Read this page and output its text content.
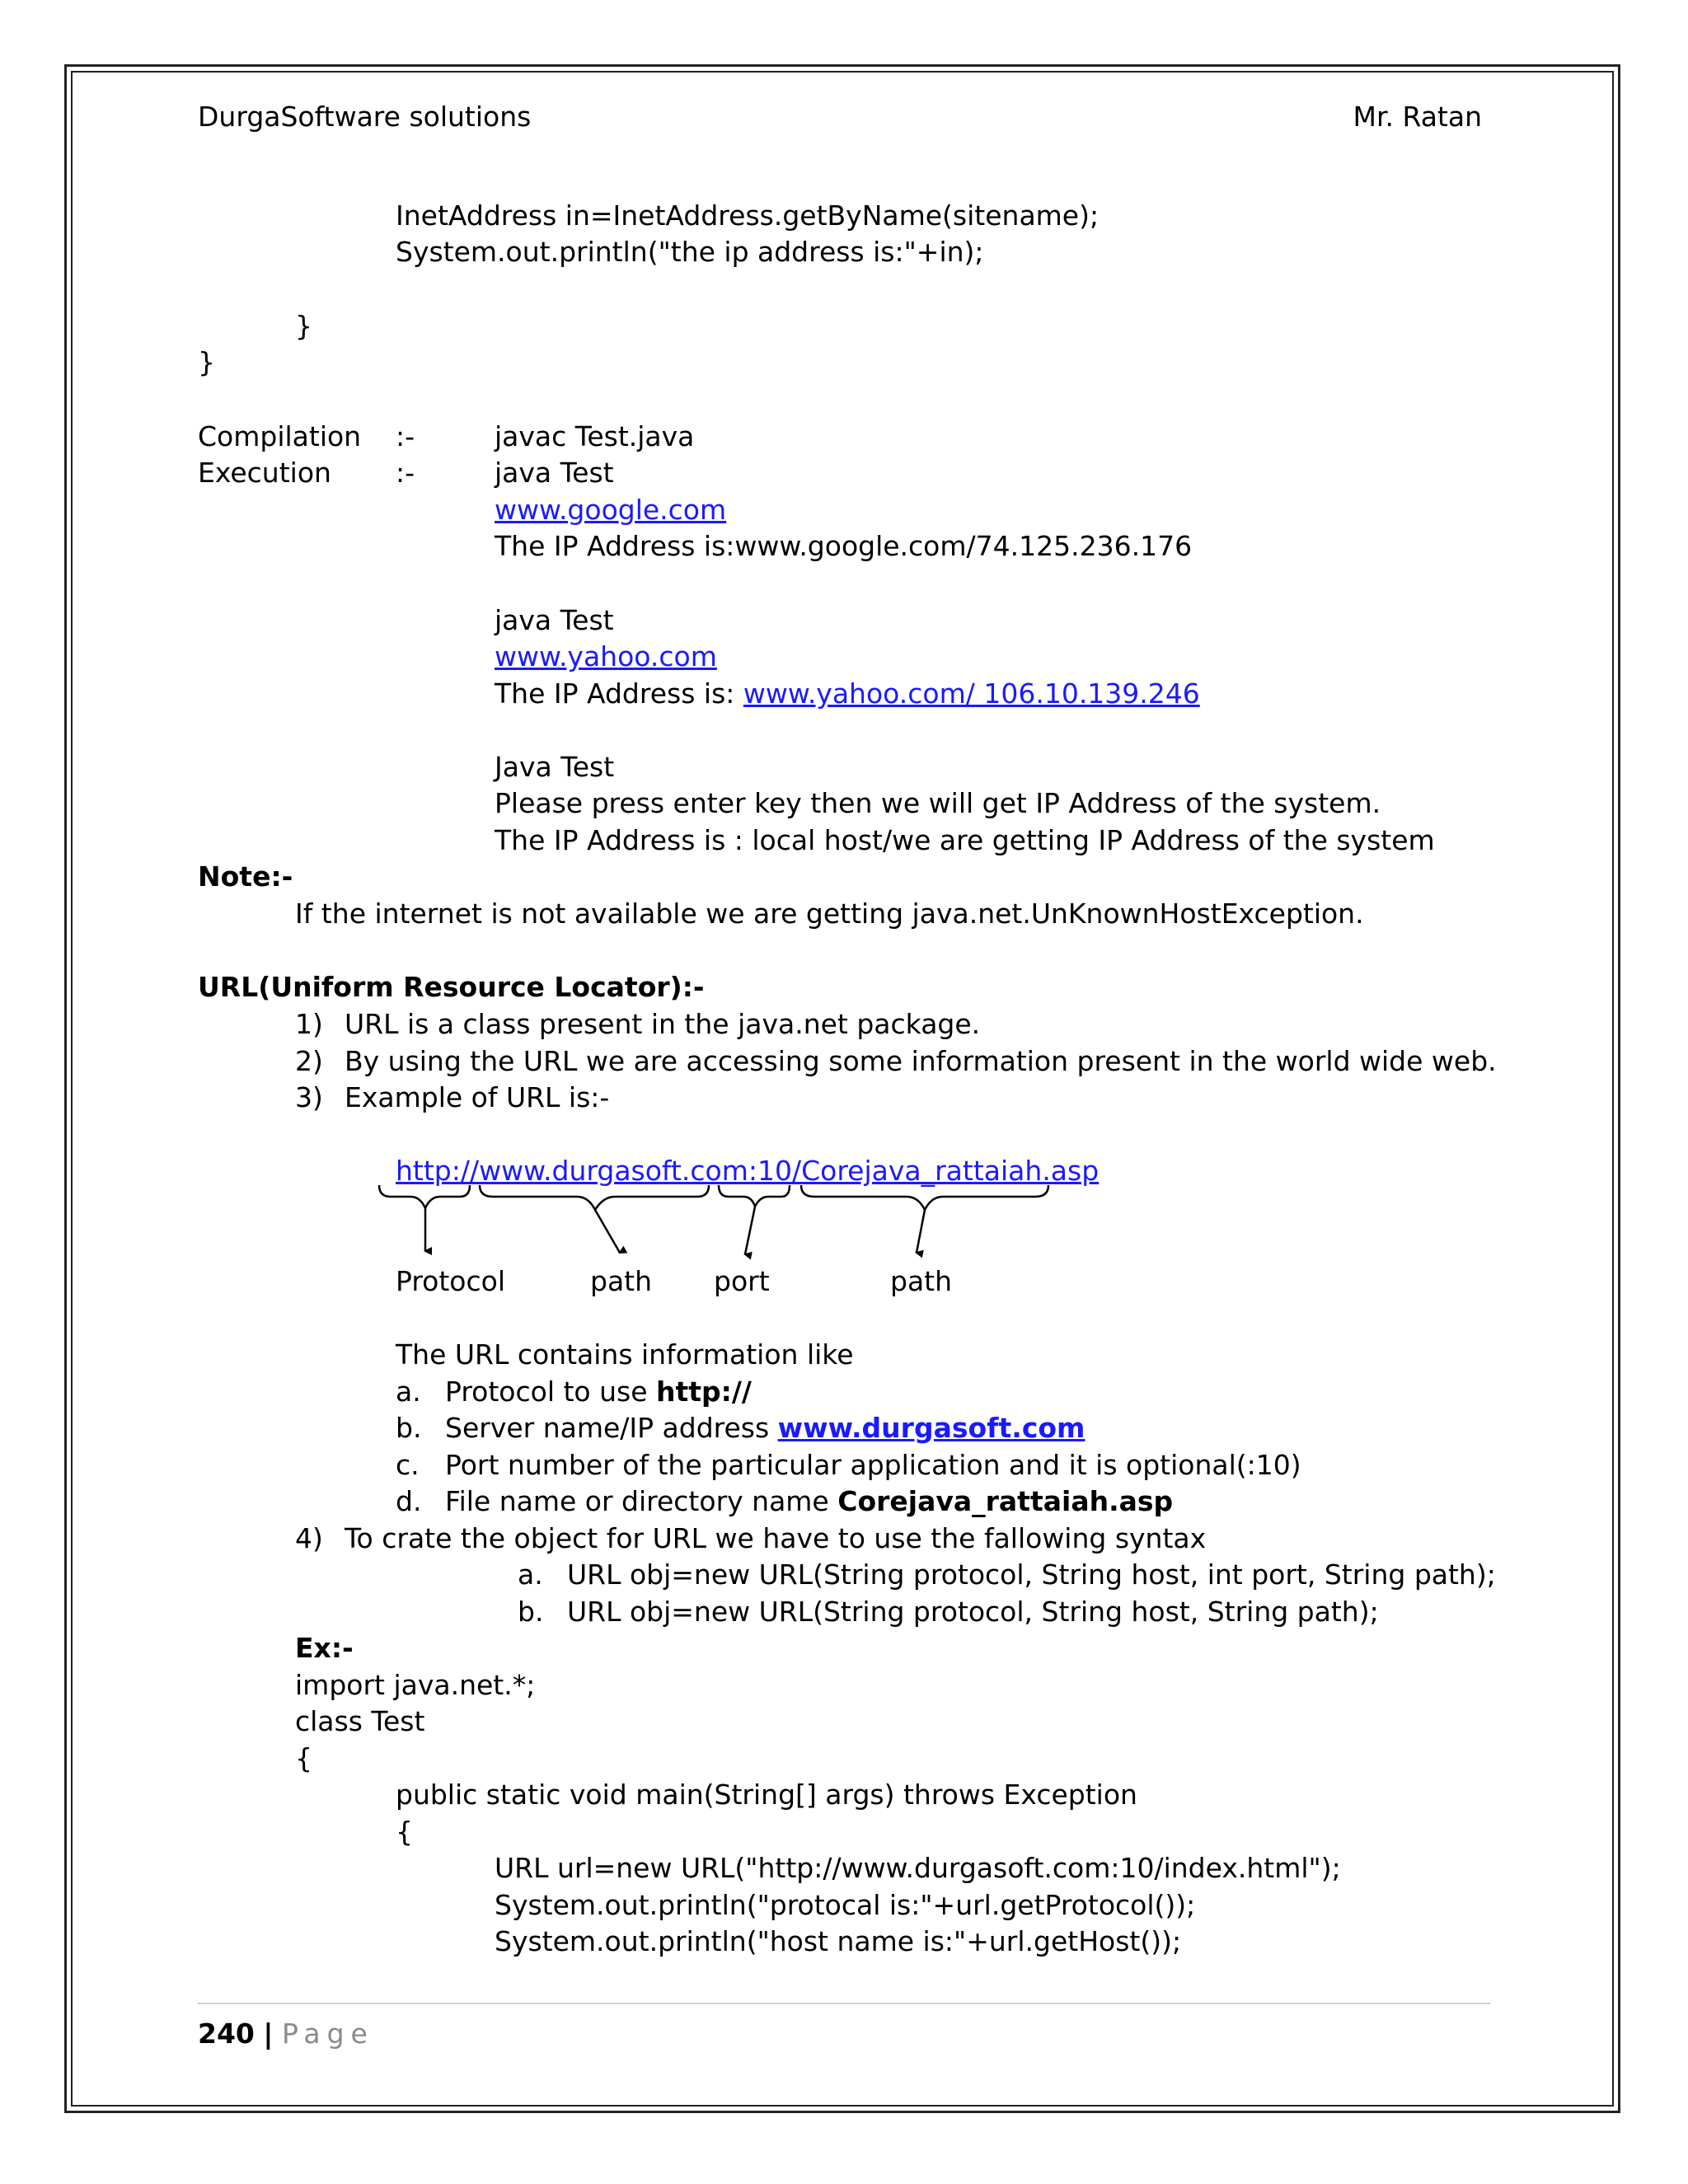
DurgaSoftware solutions	Mr. Ratan
InetAddress in=InetAddress.getByName(sitename);
System.out.println("the ip address is:"+in);
}
}
Compilation :-	javac Test.java
Execution :-	java Test
www.google.com
The IP Address is:www.google.com/74.125.236.176
java Test
www.yahoo.com
The IP Address is: www.yahoo.com/ 106.10.139.246
Java Test
Please press enter key then we will get IP Address of the system.
The IP Address is : local host/we are getting IP Address of the system
Note:-
If the internet is not available we are getting java.net.UnKnownHostException.
URL(Uniform Resource Locator):-
1) URL is a class present in the java.net package.
2) By using the URL we are accessing some information present in the world wide web.
3) Example of URL is:-
http://www.durgasoft.com:10/Corejava_rattaiah.asp
Protocol	path port	path
The URL contains information like
a. Protocol to use http://
b. Server name/IP address www.durgasoft.com
c. Port number of the particular application and it is optional(:10)
d. File name or directory name Corejava_rattaiah.asp
4) To crate the object for URL we have to use the fallowing syntax
a. URL obj=new URL(String protocol, String host, int port, String path);
b. URL obj=new URL(String protocol, String host, String path);
Ex:-
import java.net.*;
class Test
{
public static void main(String[] args) throws Exception
{
URL url=new URL("http://www.durgasoft.com:10/index.html");
System.out.println("protocal is:"+url.getProtocol());
System.out.println("host name is:"+url.getHost());
240 | Page
